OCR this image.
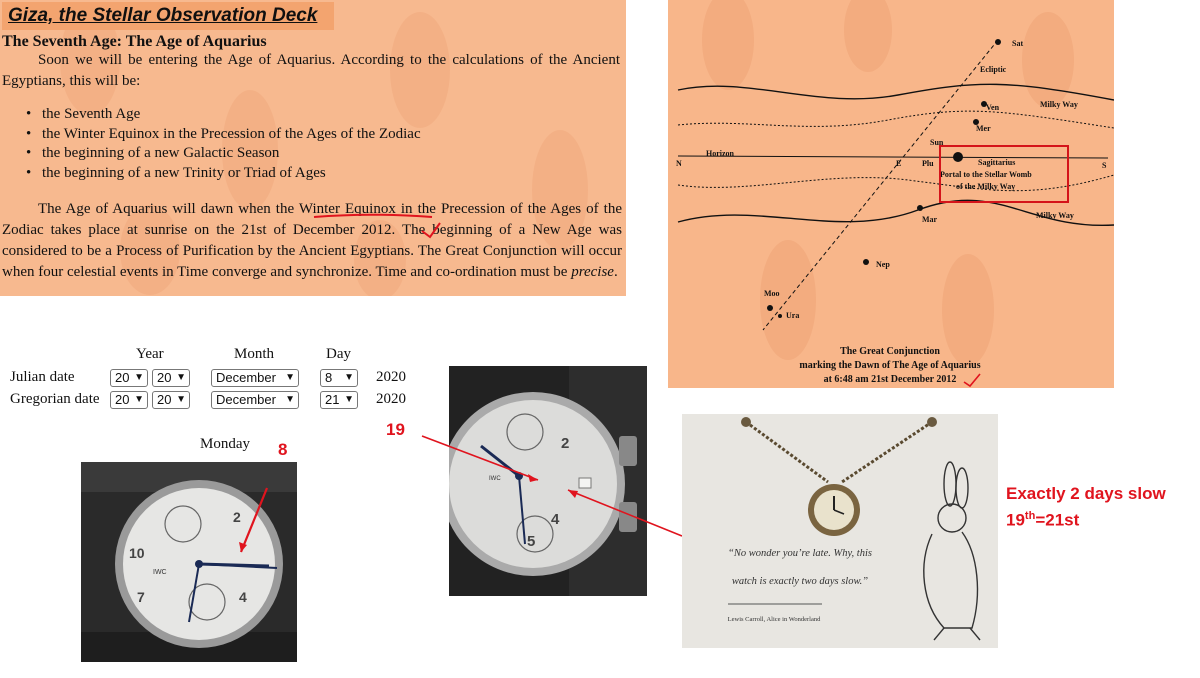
Giza, the Stellar Observation Deck
The Seventh Age: The Age of Aquarius
Soon we will be entering the Age of Aquarius. According to the calculations of the Ancient Egyptians, this will be:
• the Seventh Age
• the Winter Equinox in the Precession of the Ages of the Zodiac
• the beginning of a new Galactic Season
• the beginning of a new Trinity or Triad of Ages
The Age of Aquarius will dawn when the Winter Equinox in the Precession of the Ages of the Zodiac takes place at sunrise on the 21st of December 2012. The beginning of a New Age was considered to be a Process of Purification by the Ancient Egyptians. The Great Conjunction will occur when four celestial events in Time converge and synchronize. Time and co-ordination must be precise.
Year	Month	Day
Julian date	20 ▼	20 ▼	December ▼	8 ▼ 2020
Gregorian date	20 ▼	20 ▼	December ▼	21 ▼ 2020
Monday
Sat
Ecliptic
Ven	Milky Way
Mer
Sun
Plu
N
Horizon
E	S
Sagittarius
Portal to the Stellar Womb
of the Milky Way
Mar	Milky Way
Nep
Moo
Ura
The Great Conjunction
marking the Dawn of The Age of Aquarius
at 6:48 am 21st December 2012
2
4
7
10
IWC
8	2
4
5
IWC
19
“No wonder you’re late. Why, this
watch is exactly two days slow.”
Lewis Carroll, Alice in Wonderland
Exactly 2 days slow
19th=21st
